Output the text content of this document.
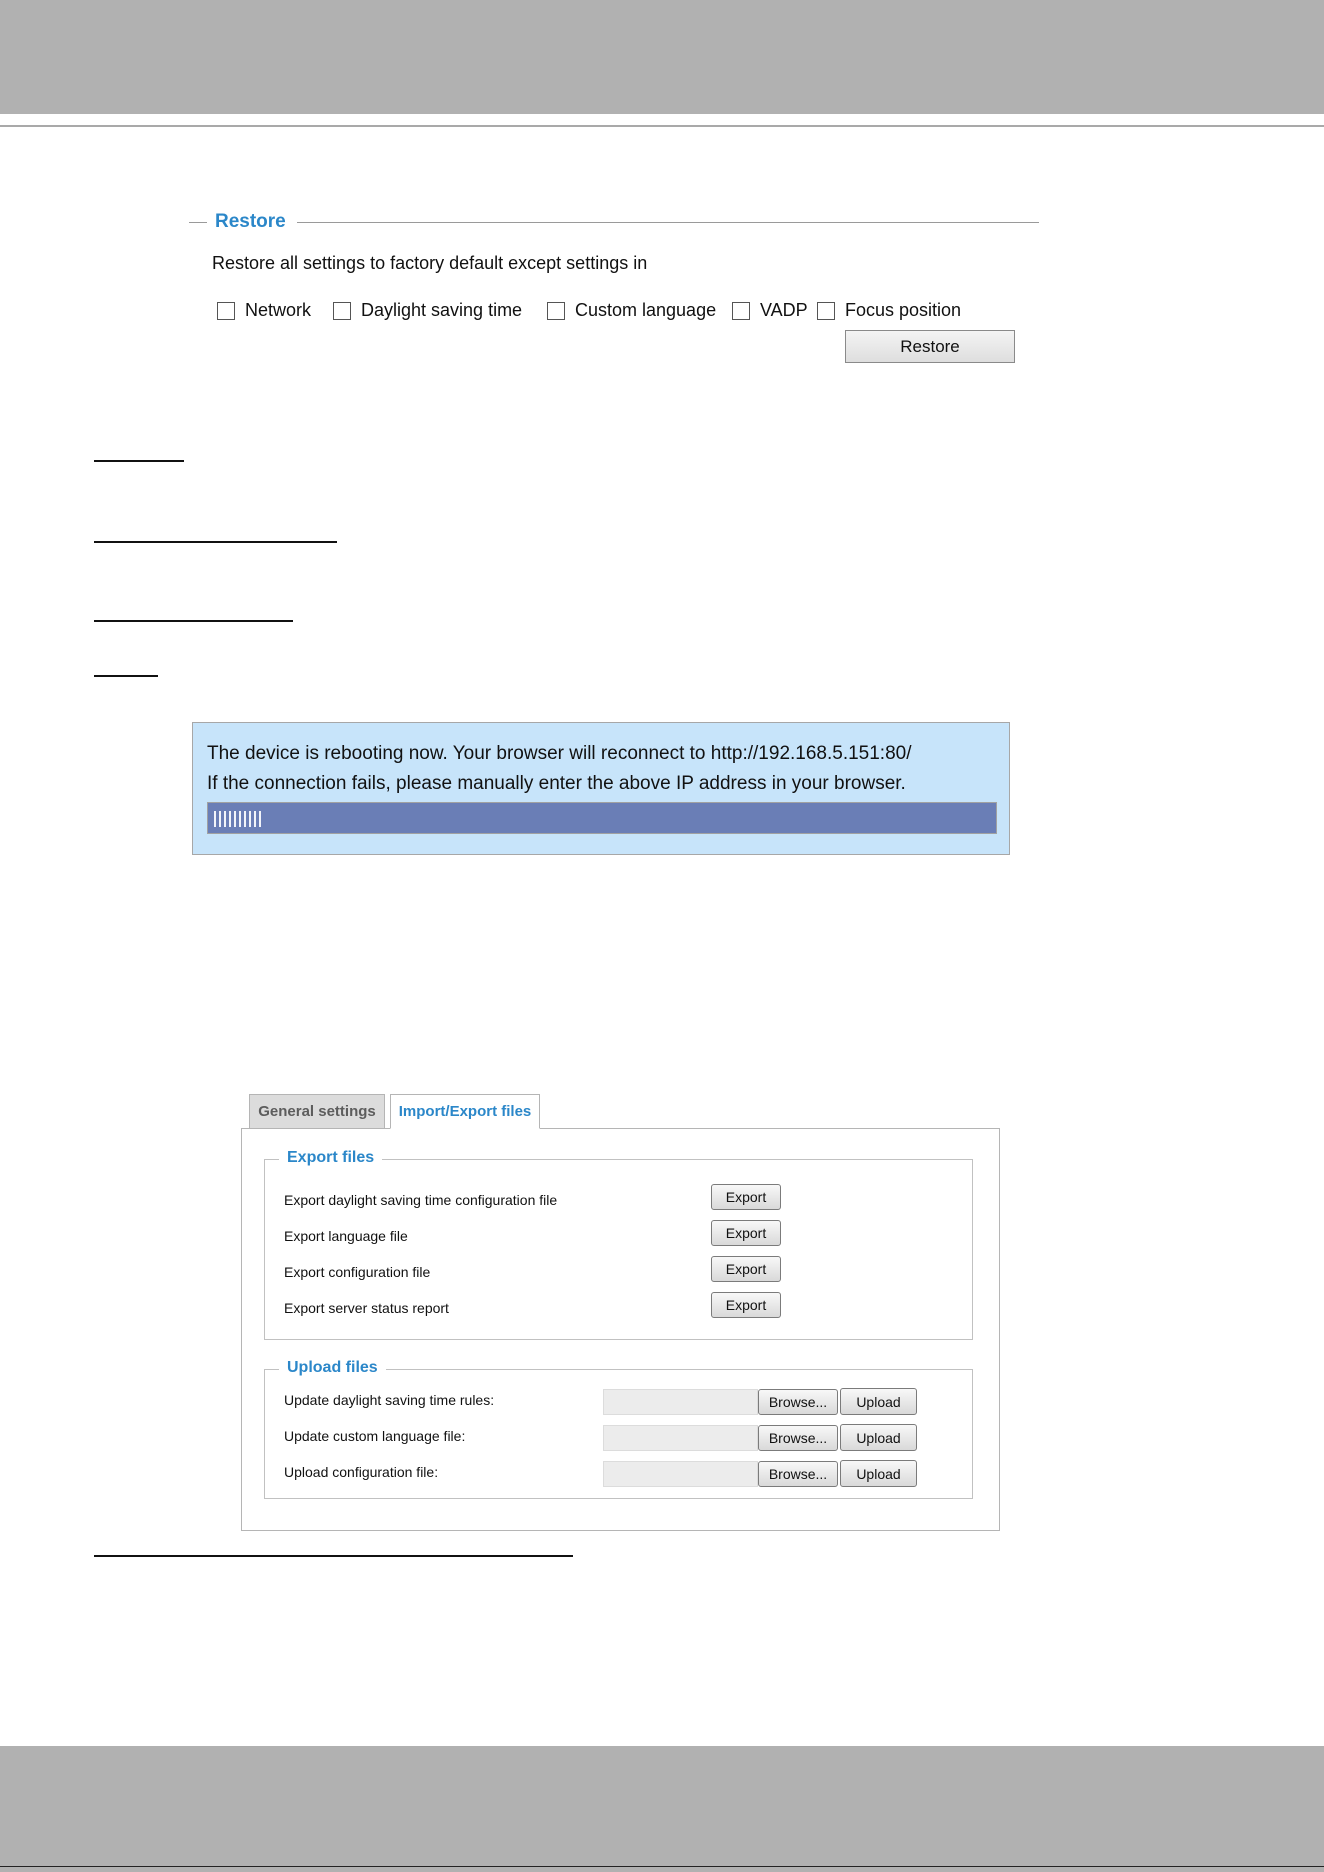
Restore
Restore all settings to factory default except settings in
Network	Daylight saving time	Custom language VADP Focus position
Restore
The device is rebooting now. Your browser will reconnect to http://192.168.5.151:80/
If the connection fails, please manually enter the above IP address in your browser.
General settings	Import/Export files
Export files
Export daylight saving time configuration file	Export
Export language file	Export
Export configuration file	Export
Export server status report	Export
Upload files
Update daylight saving time rules:	Browse...	Upload
Update custom language file:	Browse...	Upload
Upload configuration file:	Browse...	Upload
